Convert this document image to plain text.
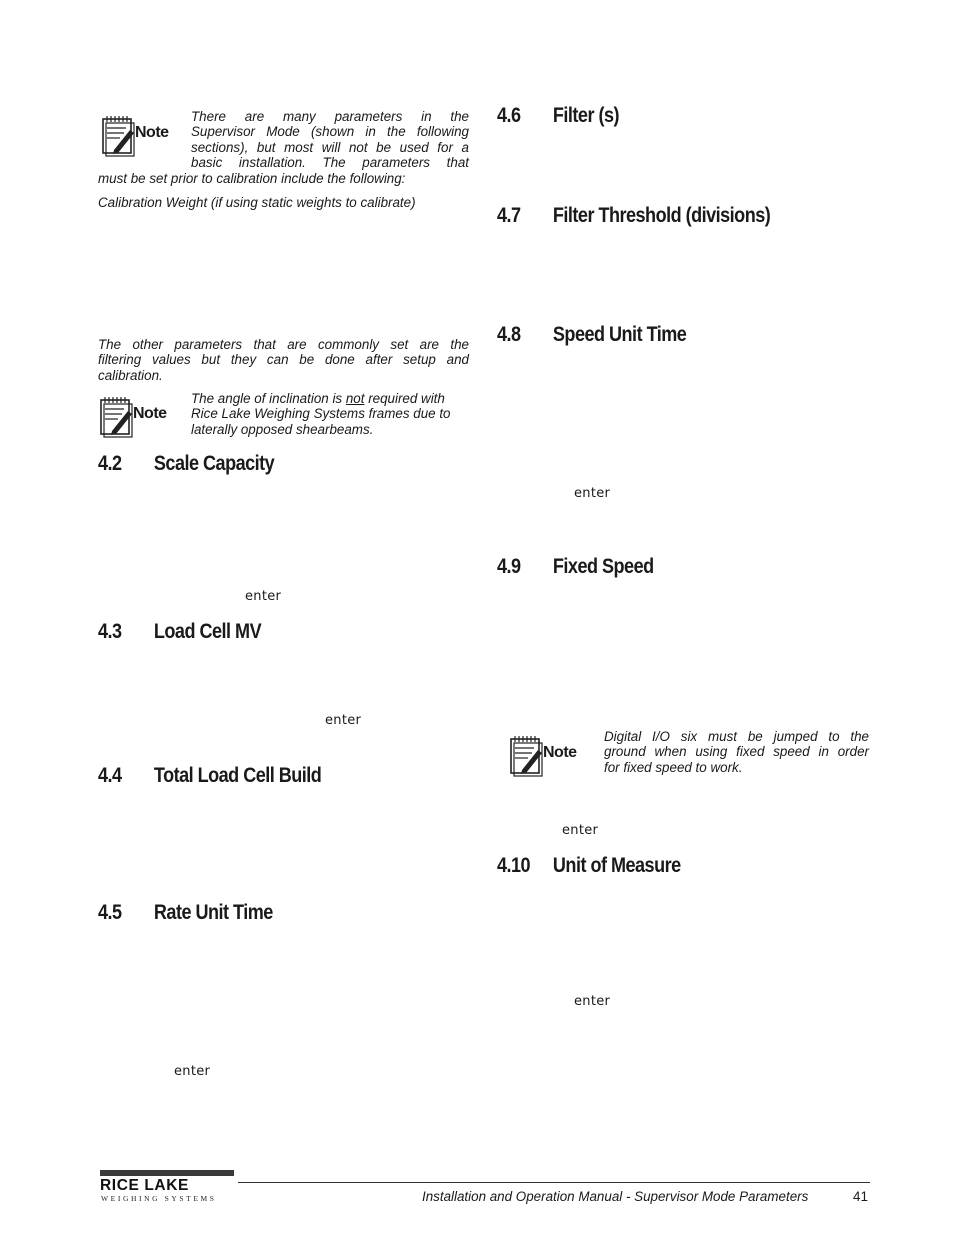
Note
There are many parameters in the
Supervisor Mode (shown in the following
sections), but most will not be used for a
basic installation. The parameters that
must be set prior to calibration include the following:
Calibration Weight (if using static weights to calibrate)
The other parameters that are commonly set are the
filtering values but they can be done after setup and
calibration.
Note
The angle of inclination is not required with
Rice Lake Weighing Systems frames due to
laterally opposed shearbeams.
4.2 Scale Capacity
enter
4.3 Load Cell MV
enter
4.4 Total Load Cell Build
4.5 Rate Unit Time
enter
4.6 Filter (s)
4.7 Filter Threshold (divisions)
4.8 Speed Unit Time
enter
4.9 Fixed Speed
Note
Digital I/O six must be jumped to the
ground when using fixed speed in order
for fixed speed to work.
enter
4.10 Unit of Measure
enter
RICE LAKE
WEIGHING SYSTEMS	Installation and Operation Manual - Supervisor Mode Parameters	41
